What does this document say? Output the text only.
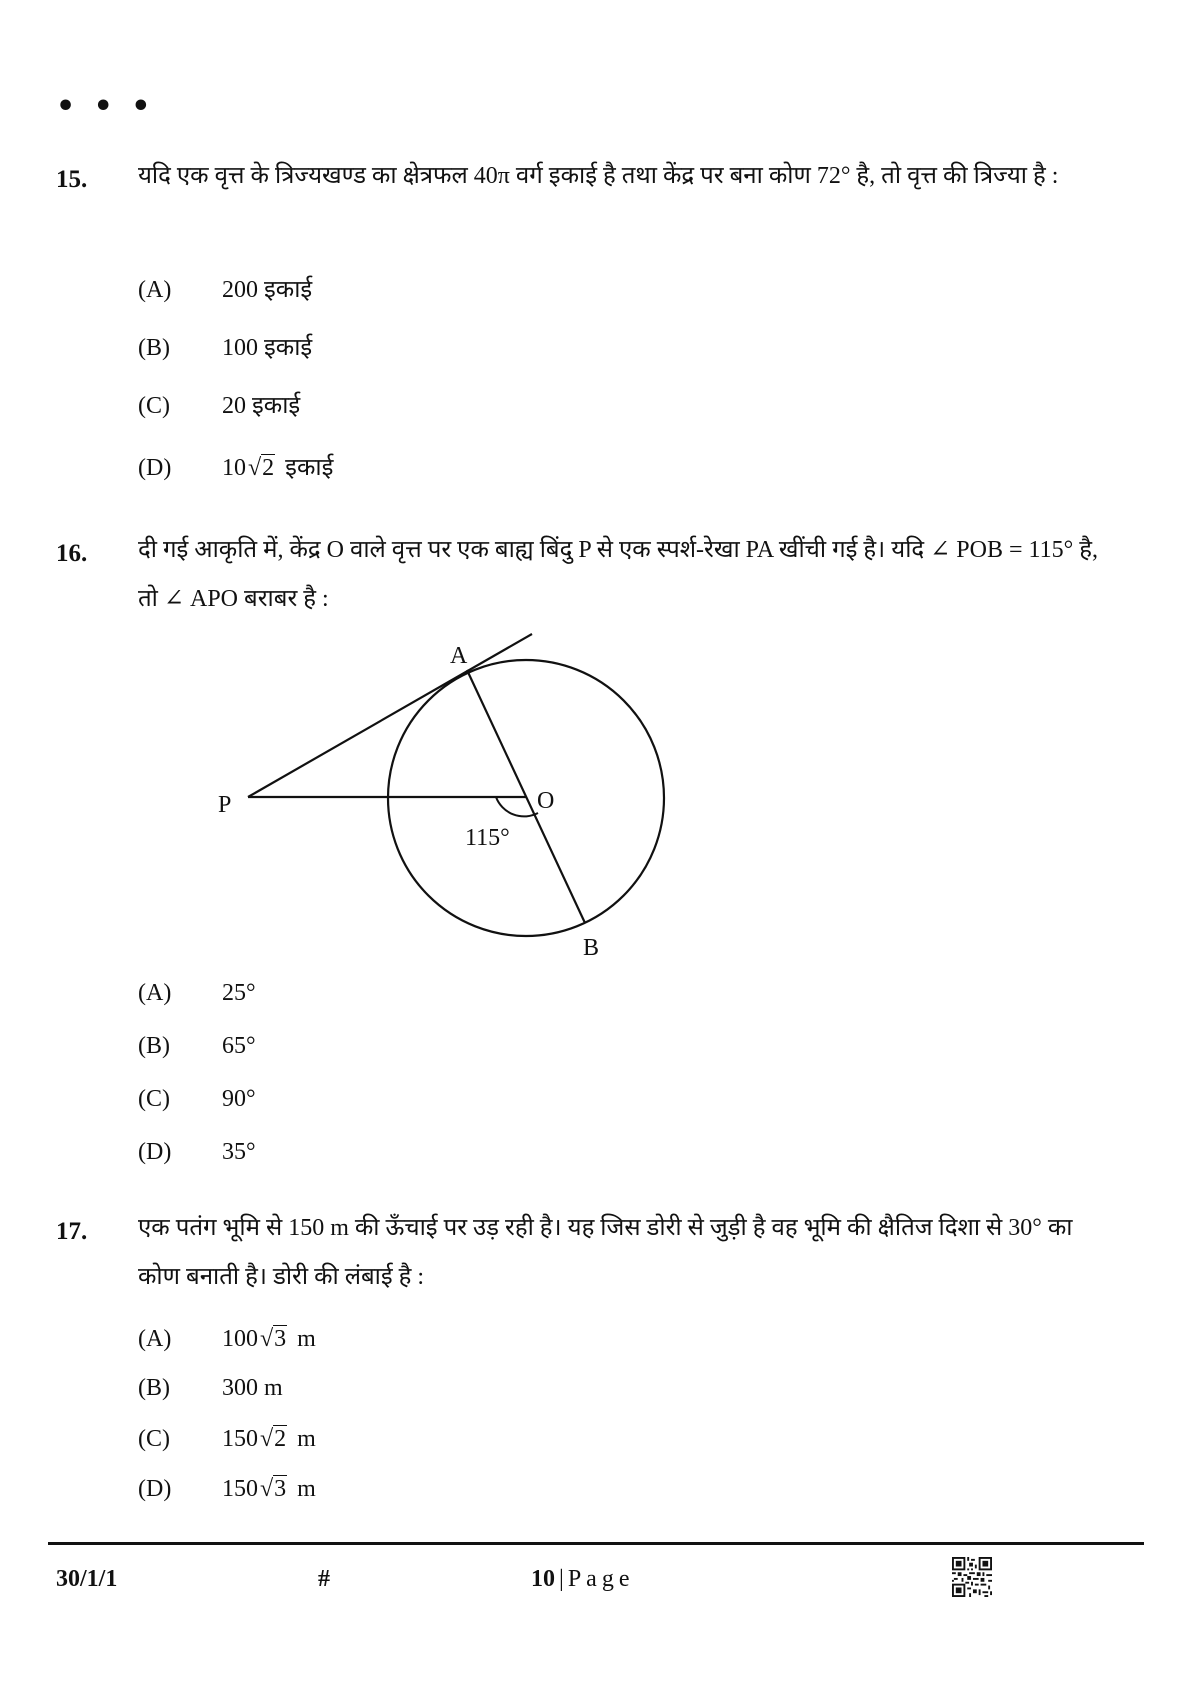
• • •
15. यदि एक वृत्त के त्रिज्यखण्ड का क्षेत्रफल 40π वर्ग इकाई है तथा केंद्र पर बना कोण 72° है, तो वृत्त की त्रिज्या है :
(A)	200 इकाई
(B)	100 इकाई
(C)	20 इकाई
(D)	10 √ 2 इकाई
16. दी गई आकृति में, केंद्र O वाले वृत्त पर एक बाह्य बिंदु P से एक स्पर्श-रेखा PA खींची गई है। यदि ∠ POB = 115° है, तो ∠ APO बराबर है :
A
P	O
B
115°
(A)	25°
(B)	65°
(C)	90°
(D)	35°
17. एक पतंग भूमि से 150 m की ऊँचाई पर उड़ रही है। यह जिस डोरी से जुड़ी है वह भूमि की क्षैतिज दिशा से 30° का कोण बनाती है। डोरी की लंबाई है :
(A)	100 √ 3 m
(B)	300 m
(C)	150 √ 2 m
(D)	150 √ 3 m
30/1/1	#	10 | Page
